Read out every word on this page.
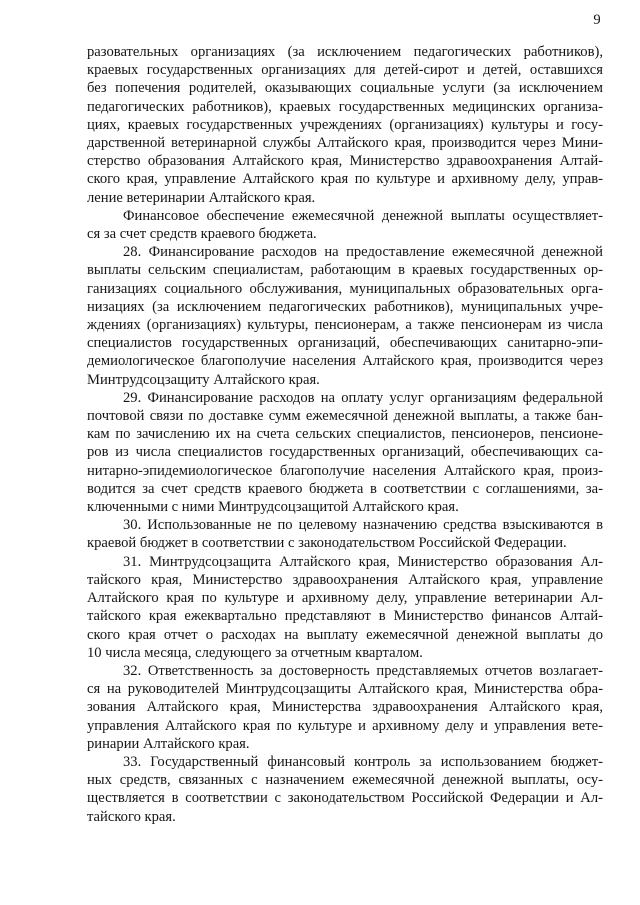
9
разовательных организациях (за исключением педагогических работников),
краевых государственных организациях для детей-сирот и детей, оставшихся
без попечения родителей, оказывающих социальные услуги (за исключением
педагогических работников), краевых государственных медицинских организа-
циях, краевых государственных учреждениях (организациях) культуры и госу-
дарственной ветеринарной службы Алтайского края, производится через Мини-
стерство образования Алтайского края, Министерство здравоохранения Алтай-
ского края, управление Алтайского края по культуре и архивному делу, управ-
ление ветеринарии Алтайского края.
Финансовое обеспечение ежемесячной денежной выплаты осуществляет-
ся за счет средств краевого бюджета.
28. Финансирование расходов на предоставление ежемесячной денежной
выплаты сельским специалистам, работающим в краевых государственных ор-
ганизациях социального обслуживания, муниципальных образовательных орга-
низациях (за исключением педагогических работников), муниципальных учре-
ждениях (организациях) культуры, пенсионерам, а также пенсионерам из числа
специалистов государственных организаций, обеспечивающих санитарно-эпи-
демиологическое благополучие населения Алтайского края, производится через
Минтрудсоцзащиту Алтайского края.
29. Финансирование расходов на оплату услуг организациям федеральной
почтовой связи по доставке сумм ежемесячной денежной выплаты, а также бан-
кам по зачислению их на счета сельских специалистов, пенсионеров, пенсионе-
ров из числа специалистов государственных организаций, обеспечивающих са-
нитарно-эпидемиологическое благополучие населения Алтайского края, произ-
водится за счет средств краевого бюджета в соответствии с соглашениями, за-
ключенными с ними Минтрудсоцзащитой Алтайского края.
30. Использованные не по целевому назначению средства взыскиваются в
краевой бюджет в соответствии с законодательством Российской Федерации.
31. Минтрудсоцзащита Алтайского края, Министерство образования Ал-
тайского края, Министерство здравоохранения Алтайского края, управление
Алтайского края по культуре и архивному делу, управление ветеринарии Ал-
тайского края ежеквартально представляют в Министерство финансов Алтай-
ского края отчет о расходах на выплату ежемесячной денежной выплаты до
10 числа месяца, следующего за отчетным кварталом.
32. Ответственность за достоверность представляемых отчетов возлагает-
ся на руководителей Минтрудсоцзащиты Алтайского края, Министерства обра-
зования Алтайского края, Министерства здравоохранения Алтайского края,
управления Алтайского края по культуре и архивному делу и управления вете-
ринарии Алтайского края.
33. Государственный финансовый контроль за использованием бюджет-
ных средств, связанных с назначением ежемесячной денежной выплаты, осу-
ществляется в соответствии с законодательством Российской Федерации и Ал-
тайского края.
